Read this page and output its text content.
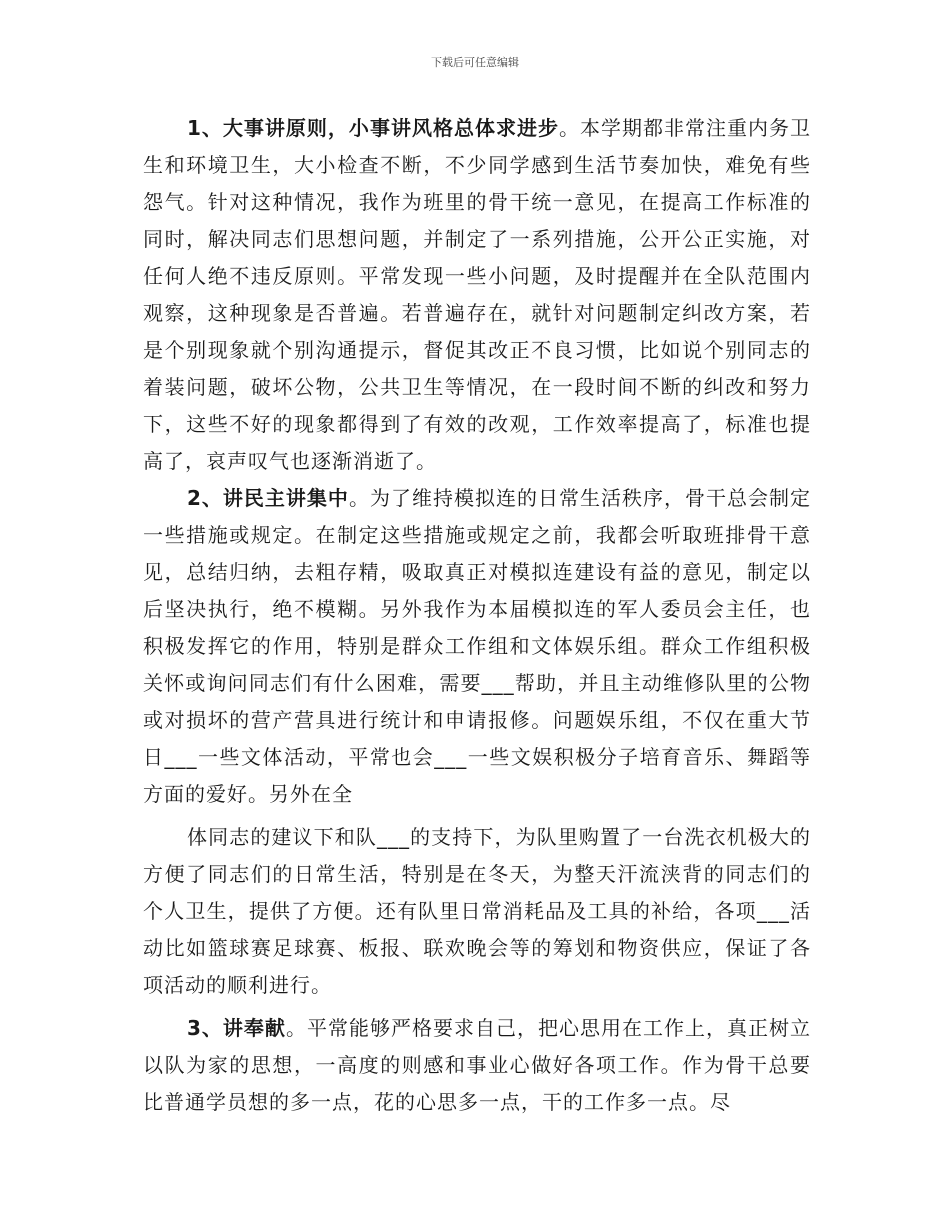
下载后可任意编辑

1、大事讲原则，小事讲风格总体求进步。本学期都非常注重内务卫生和环境卫生，大小检查不断，不少同学感到生活节奏加快，难免有些怨气。针对这种情况，我作为班里的骨干统一意见，在提高工作标准的同时，解决同志们思想问题，并制定了一系列措施，公开公正实施，对任何人绝不违反原则。平常发现一些小问题，及时提醒并在全队范围内观察，这种现象是否普遍。若普遍存在，就针对问题制定纠改方案，若是个别现象就个别沟通提示，督促其改正不良习惯，比如说个别同志的着装问题，破坏公物，公共卫生等情况，在一段时间不断的纠改和努力下，这些不好的现象都得到了有效的改观，工作效率提高了，标准也提高了，哀声叹气也逐渐消逝了。

2、讲民主讲集中。为了维持模拟连的日常生活秩序，骨干总会制定一些措施或规定。在制定这些措施或规定之前，我都会听取班排骨干意见，总结归纳，去粗存精，吸取真正对模拟连建设有益的意见，制定以后坚决执行，绝不模糊。另外我作为本届模拟连的军人委员会主任，也积极发挥它的作用，特别是群众工作组和文体娱乐组。群众工作组积极关怀或询问同志们有什么困难，需要___帮助，并且主动维修队里的公物或对损坏的营产营具进行统计和申请报修。问题娱乐组，不仅在重大节日___一些文体活动，平常也会___一些文娱积极分子培育音乐、舞蹈等方面的爱好。另外在全

体同志的建议下和队___的支持下，为队里购置了一台洗衣机极大的方便了同志们的日常生活，特别是在冬天，为整天汗流浃背的同志们的个人卫生，提供了方便。还有队里日常消耗品及工具的补给，各项___活动比如篮球赛足球赛、板报、联欢晚会等的筹划和物资供应，保证了各项活动的顺利进行。

3、讲奉献。平常能够严格要求自己，把心思用在工作上，真正树立以队为家的思想，一高度的则感和事业心做好各项工作。作为骨干总要比普通学员想的多一点，花的心思多一点，干的工作多一点。尽
